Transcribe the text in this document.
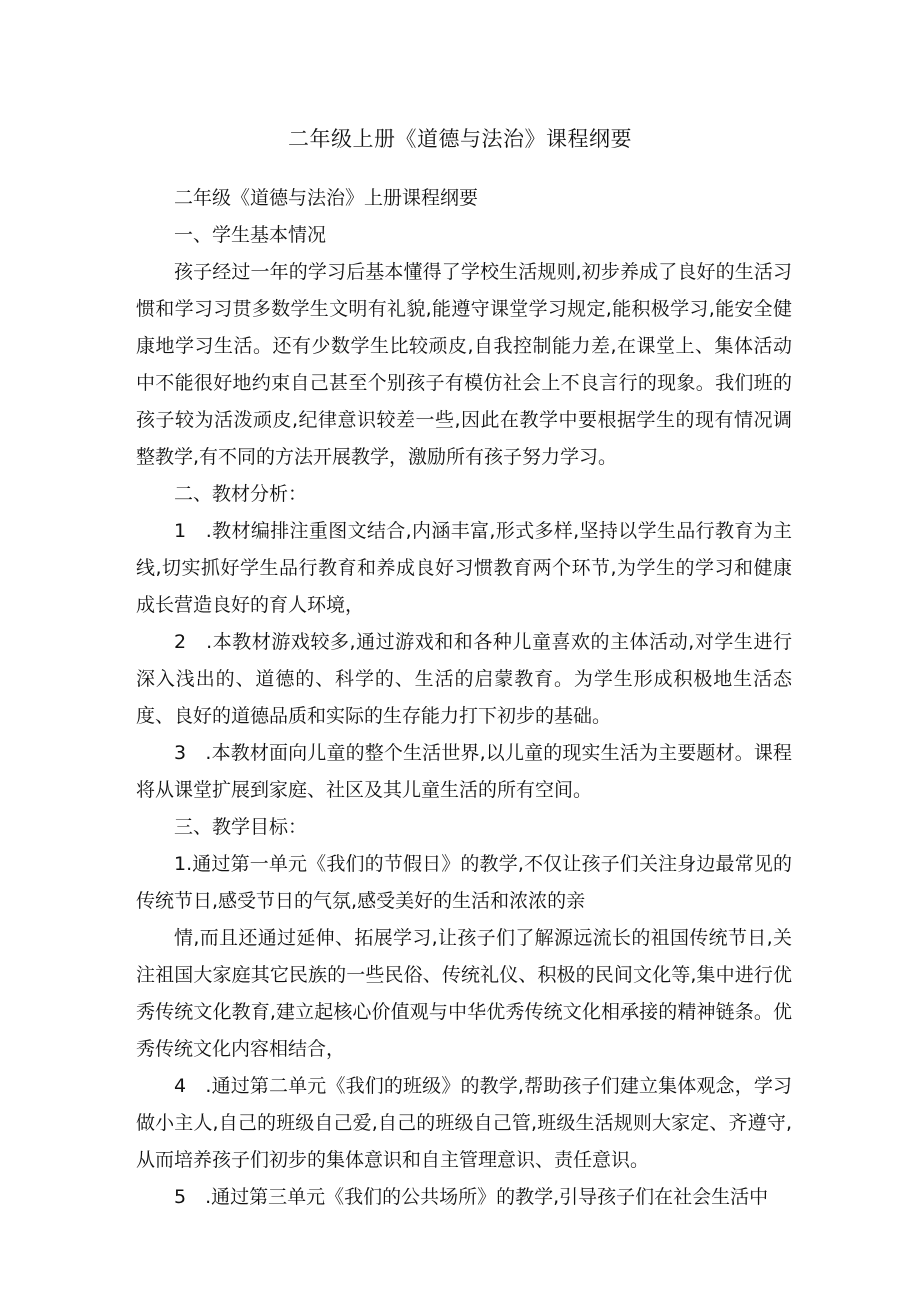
二年级上册《道德与法治》课程纲要

二年级《道德与法治》上册课程纲要

一、学生基本情况

孩子经过一年的学习后基本懂得了学校生活规则,初步养成了良好的生活习惯和学习习贯多数学生文明有礼貌,能遵守课堂学习规定,能积极学习,能安全健康地学习生活。还有少数学生比较顽皮,自我控制能力差,在课堂上、集体活动中不能很好地约束自己甚至个别孩子有模仿社会上不良言行的现象。我们班的孩子较为活泼顽皮,纪律意识较差一些,因此在教学中要根据学生的现有情况调整教学,有不同的方法开展教学，激励所有孩子努力学习。

二、教材分析：

1　.教材编排注重图文结合,内涵丰富,形式多样,坚持以学生品行教育为主线,切实抓好学生品行教育和养成良好习惯教育两个环节,为学生的学习和健康成长营造良好的育人环境，

2　.本教材游戏较多,通过游戏和和各种儿童喜欢的主体活动,对学生进行深入浅出的、道德的、科学的、生活的启蒙教育。为学生形成积极地生活态度、良好的道德品质和实际的生存能力打下初步的基础。

3　.本教材面向儿童的整个生活世界,以儿童的现实生活为主要题材。课程将从课堂扩展到家庭、社区及其儿童生活的所有空间。

三、教学目标：

1.通过第一单元《我们的节假日》的教学,不仅让孩子们关注身边最常见的传统节日,感受节日的气氛,感受美好的生活和浓浓的亲

情,而且还通过延伸、拓展学习,让孩子们了解源远流长的祖国传统节日,关注祖国大家庭其它民族的一些民俗、传统礼仪、积极的民间文化等,集中进行优秀传统文化教育,建立起核心价值观与中华优秀传统文化相承接的精神链条。优秀传统文化内容相结合，

4　.通过第二单元《我们的班级》的教学,帮助孩子们建立集体观念，学习做小主人,自己的班级自己爱,自己的班级自己管,班级生活规则大家定、齐遵守,从而培养孩子们初步的集体意识和自主管理意识、责任意识。

5　.通过第三单元《我们的公共场所》的教学,引导孩子们在社会生活中
